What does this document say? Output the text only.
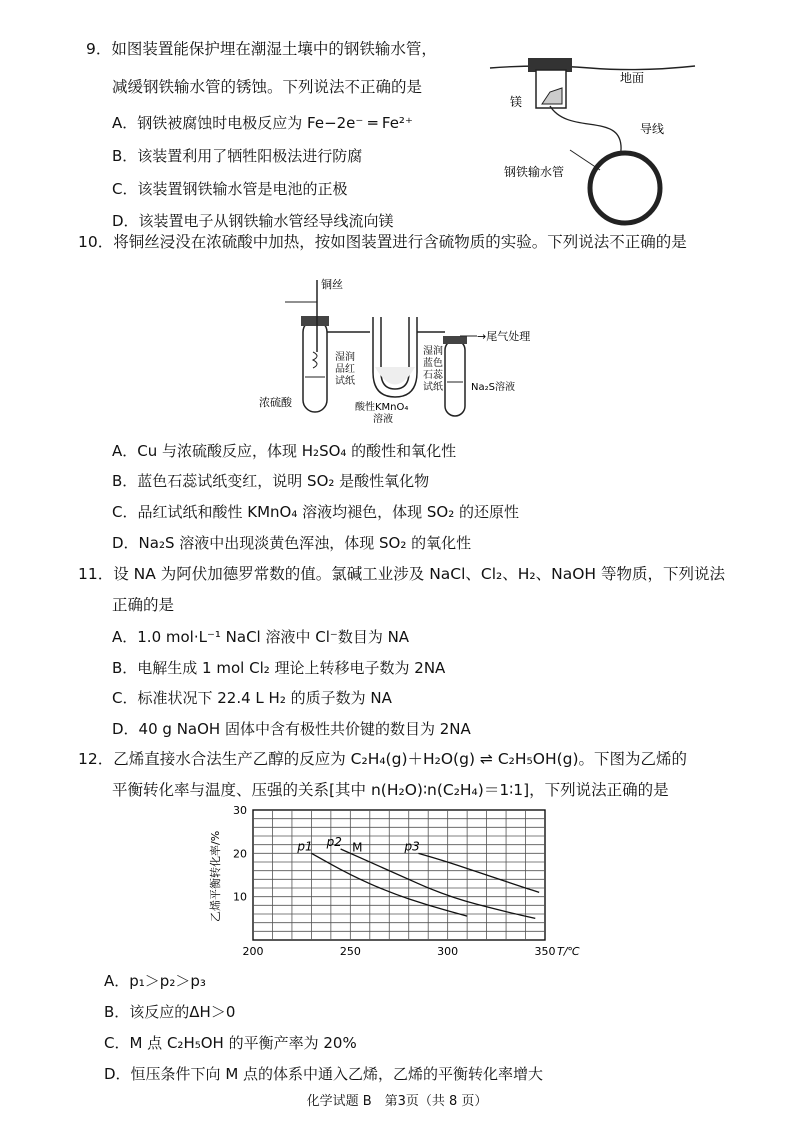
9．如图装置能保护埋在潮湿土壤中的钢铁输水管，
减缓钢铁输水管的锈蚀。下列说法不正确的是
A．钢铁被腐蚀时电极反应为 Fe−2e⁻ ═ Fe²⁺
B．该装置利用了牺牲阳极法进行防腐
C．该装置钢铁输水管是电池的正极
D．该装置电子从钢铁输水管经导线流向镁
地面
镁
导线
钢铁输水管
10．将铜丝浸没在浓硫酸中加热，按如图装置进行含硫物质的实验。下列说法不正确的是
铜丝
→尾气处理
浓硫酸
湿润
品红
试纸
湿润
蓝色
石蕊
试纸
酸性KMnO₄
溶液
Na₂S溶液
A．Cu 与浓硫酸反应，体现 H₂SO₄ 的酸性和氧化性
B．蓝色石蕊试纸变红，说明 SO₂ 是酸性氧化物
C．品红试纸和酸性 KMnO₄ 溶液均褪色，体现 SO₂ 的还原性
D．Na₂S 溶液中出现淡黄色浑浊，体现 SO₂ 的氧化性
11．设 NA 为阿伏加德罗常数的值。氯碱工业涉及 NaCl、Cl₂、H₂、NaOH 等物质，下列说法
正确的是
A．1.0 mol·L⁻¹ NaCl 溶液中 Cl⁻数目为 NA
B．电解生成 1 mol Cl₂ 理论上转移电子数为 2NA
C．标准状况下 22.4 L H₂ 的质子数为 NA
D．40 g NaOH 固体中含有极性共价键的数目为 2NA
12．乙烯直接水合法生产乙醇的反应为 C₂H₄(g)＋H₂O(g) ⇌ C₂H₅OH(g)。下图为乙烯的
平衡转化率与温度、压强的关系[其中 n(H₂O)∶n(C₂H₄)＝1∶1]，下列说法正确的是
p1 p2	p3
200	250	300	350
10
20
30
乙烯平衡转化率/%
T/℃
M
A．p₁＞p₂＞p₃
B．该反应的ΔH＞0
C．M 点 C₂H₅OH 的平衡产率为 20%
D．恒压条件下向 M 点的体系中通入乙烯，乙烯的平衡转化率增大
化学试题 B　第3页（共 8 页）
